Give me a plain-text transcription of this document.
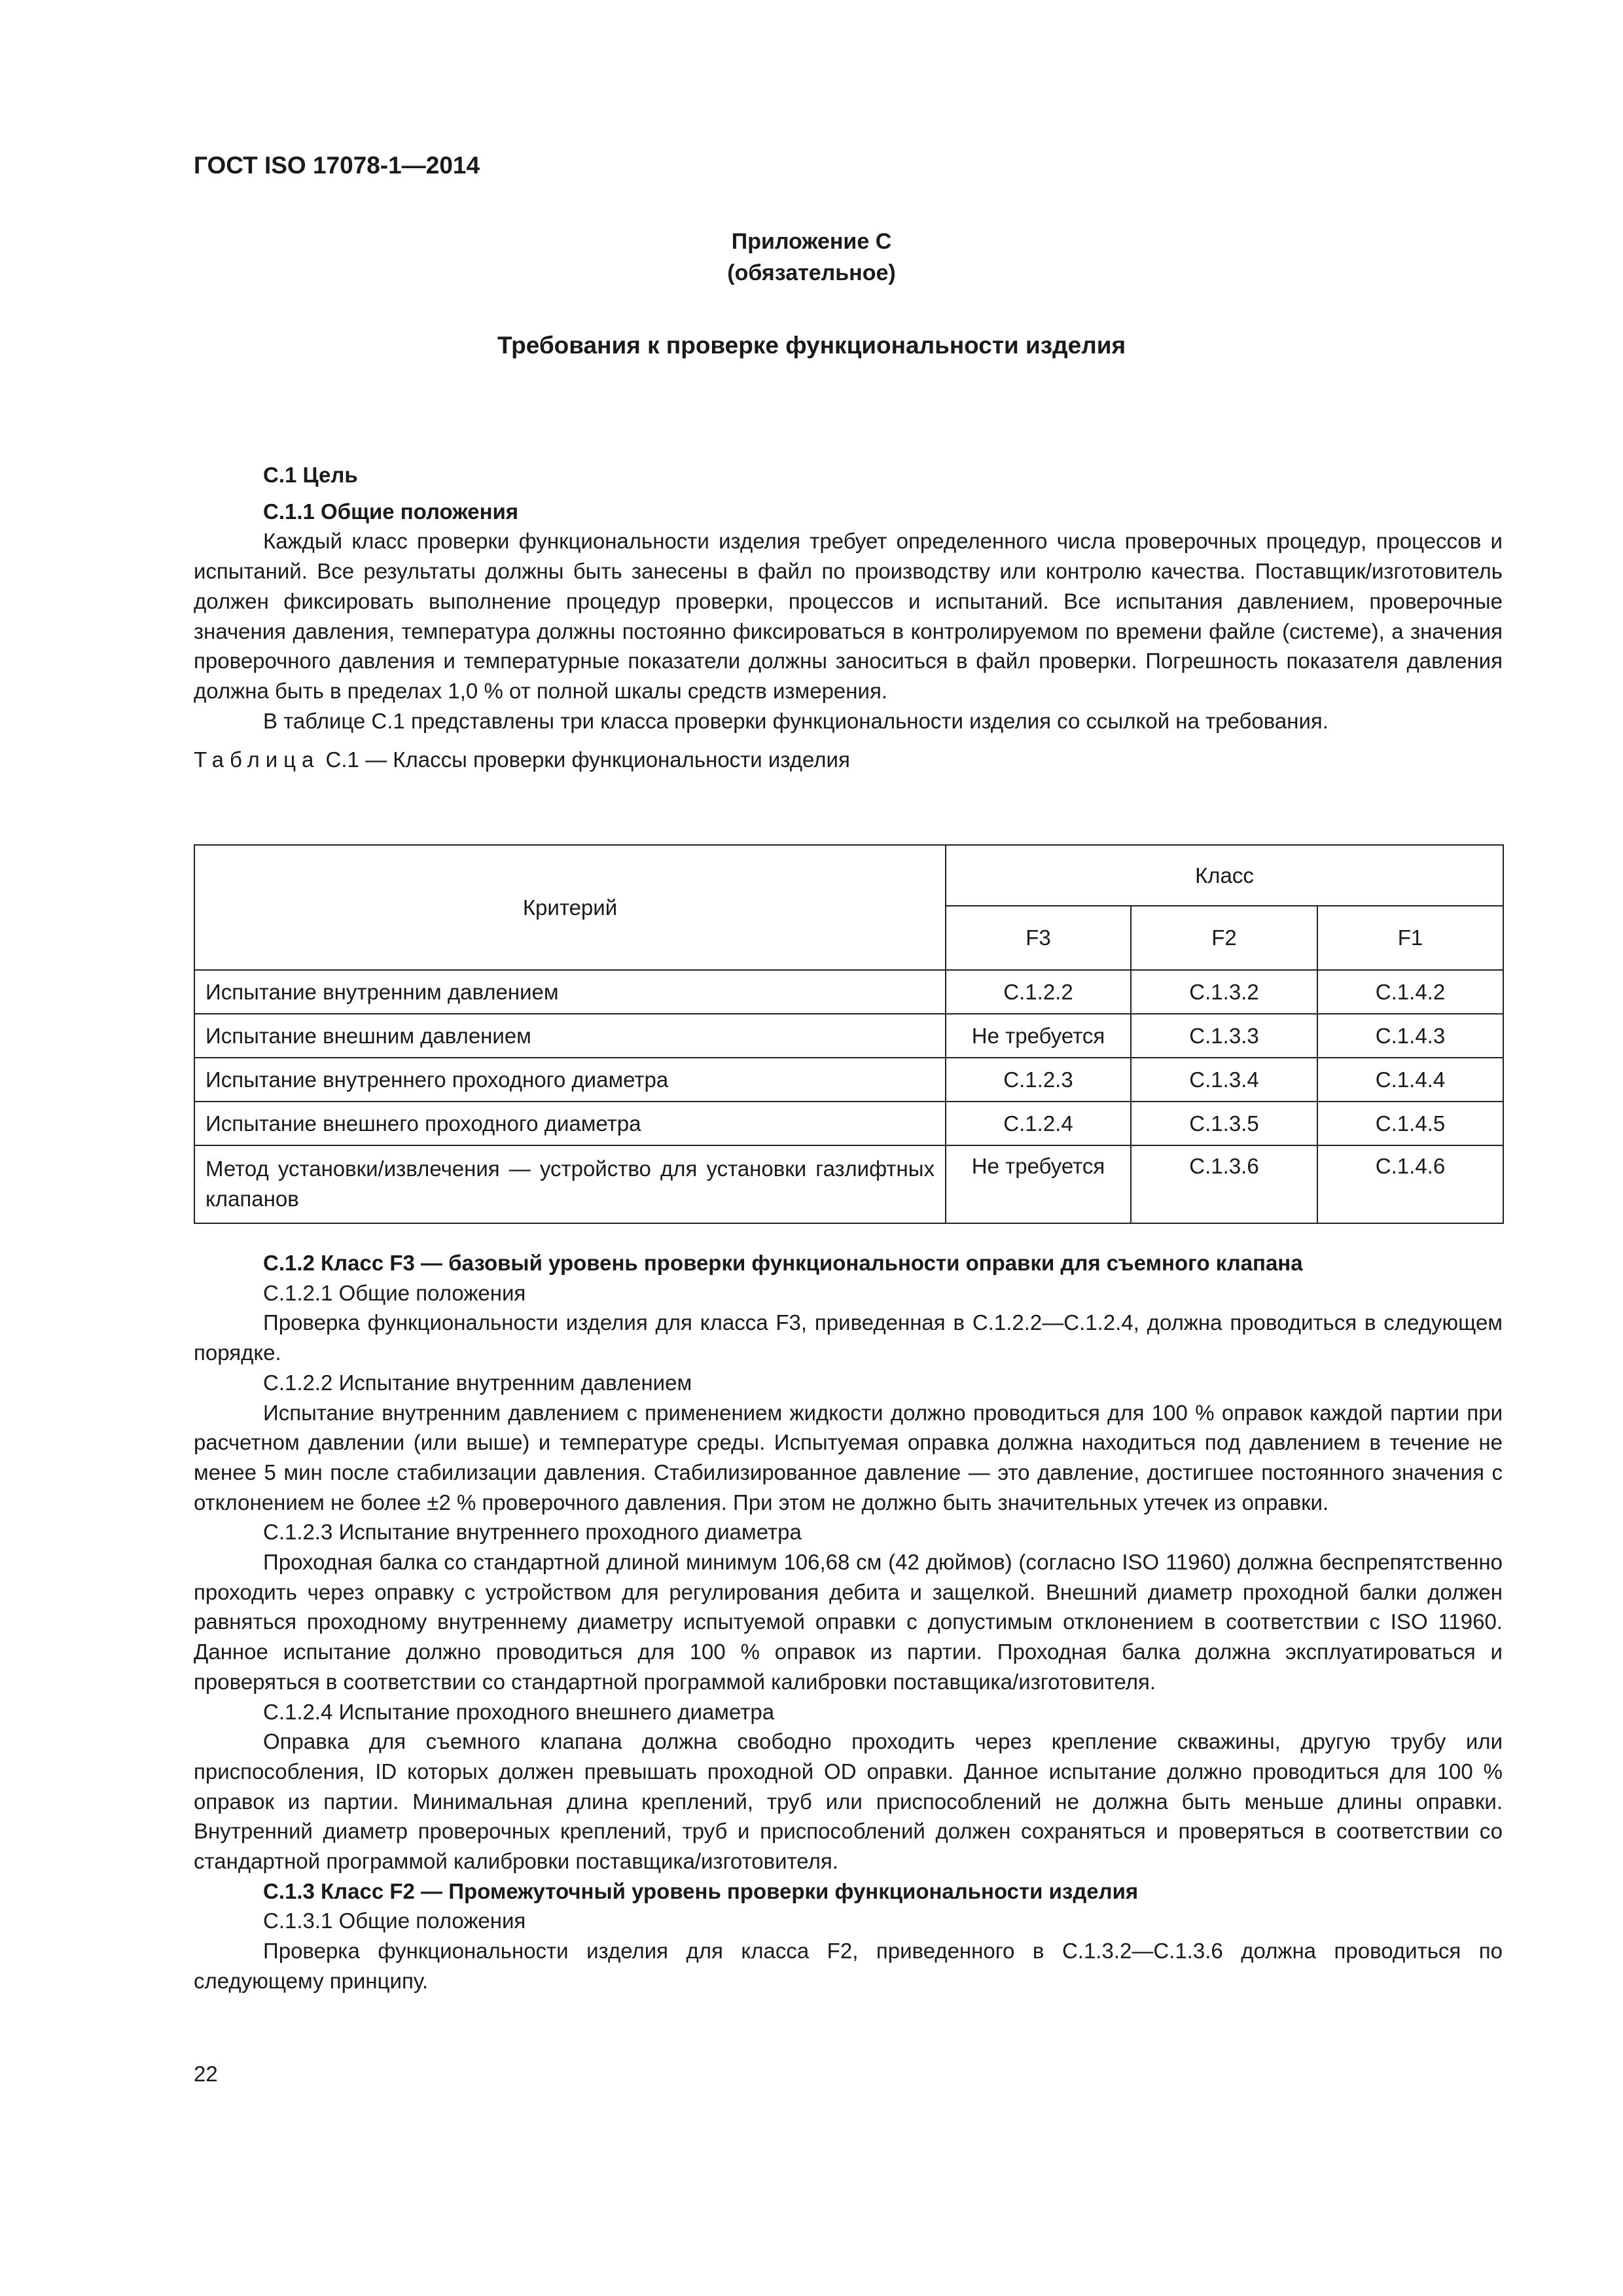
ГОСТ ISO 17078-1—2014

Приложение С
(обязательное)

Требования к проверке функциональности изделия

С.1 Цель

С.1.1 Общие положения

Каждый класс проверки функциональности изделия требует определенного числа проверочных процедур, процессов и испытаний. Все результаты должны быть занесены в файл по производству или контролю качества. Поставщик/изготовитель должен фиксировать выполнение процедур проверки, процессов и испытаний. Все испытания давлением, проверочные значения давления, температура должны постоянно фиксироваться в контролируемом по времени файле (системе), а значения проверочного давления и температурные показатели должны заноситься в файл проверки. Погрешность показателя давления должна быть в пределах 1,0 % от полной шкалы средств измерения.

В таблице С.1 представлены три класса проверки функциональности изделия со ссылкой на требования.

Таблица С.1 — Классы проверки функциональности изделия

Критерий	Класс		
	F3	F2	F1
Испытание внутренним давлением	С.1.2.2	С.1.3.2	С.1.4.2
Испытание внешним давлением	Не требуется	С.1.3.3	С.1.4.3
Испытание внутреннего проходного диаметра	С.1.2.3	С.1.3.4	С.1.4.4
Испытание внешнего проходного диаметра	С.1.2.4	С.1.3.5	С.1.4.5
Метод установки/извлечения — устройство для установки газлифтных клапанов	Не требуется	С.1.3.6	С.1.4.6

С.1.2 Класс F3 — базовый уровень проверки функциональности оправки для съемного клапана

С.1.2.1 Общие положения

Проверка функциональности изделия для класса F3, приведенная в С.1.2.2—С.1.2.4, должна проводиться в следующем порядке.

С.1.2.2 Испытание внутренним давлением

Испытание внутренним давлением с применением жидкости должно проводиться для 100 % оправок каждой партии при расчетном давлении (или выше) и температуре среды. Испытуемая оправка должна находиться под давлением в течение не менее 5 мин после стабилизации давления. Стабилизированное давление — это давление, достигшее постоянного значения с отклонением не более ±2 % проверочного давления. При этом не должно быть значительных утечек из оправки.

С.1.2.3 Испытание внутреннего проходного диаметра

Проходная балка со стандартной длиной минимум 106,68 см (42 дюймов) (согласно ISO 11960) должна беспрепятственно проходить через оправку с устройством для регулирования дебита и защелкой. Внешний диаметр проходной балки должен равняться проходному внутреннему диаметру испытуемой оправки с допустимым отклонением в соответствии с ISO 11960. Данное испытание должно проводиться для 100 % оправок из партии. Проходная балка должна эксплуатироваться и проверяться в соответствии со стандартной программой калибровки поставщика/изготовителя.

С.1.2.4 Испытание проходного внешнего диаметра

Оправка для съемного клапана должна свободно проходить через крепление скважины, другую трубу или приспособления, ID которых должен превышать проходной OD оправки. Данное испытание должно проводиться для 100 % оправок из партии. Минимальная длина креплений, труб или приспособлений не должна быть меньше длины оправки. Внутренний диаметр проверочных креплений, труб и приспособлений должен сохраняться и проверяться в соответствии со стандартной программой калибровки поставщика/изготовителя.

С.1.3 Класс F2 — Промежуточный уровень проверки функциональности изделия

С.1.3.1 Общие положения

Проверка функциональности изделия для класса F2, приведенного в С.1.3.2—С.1.3.6 должна проводиться по следующему принципу.

22
